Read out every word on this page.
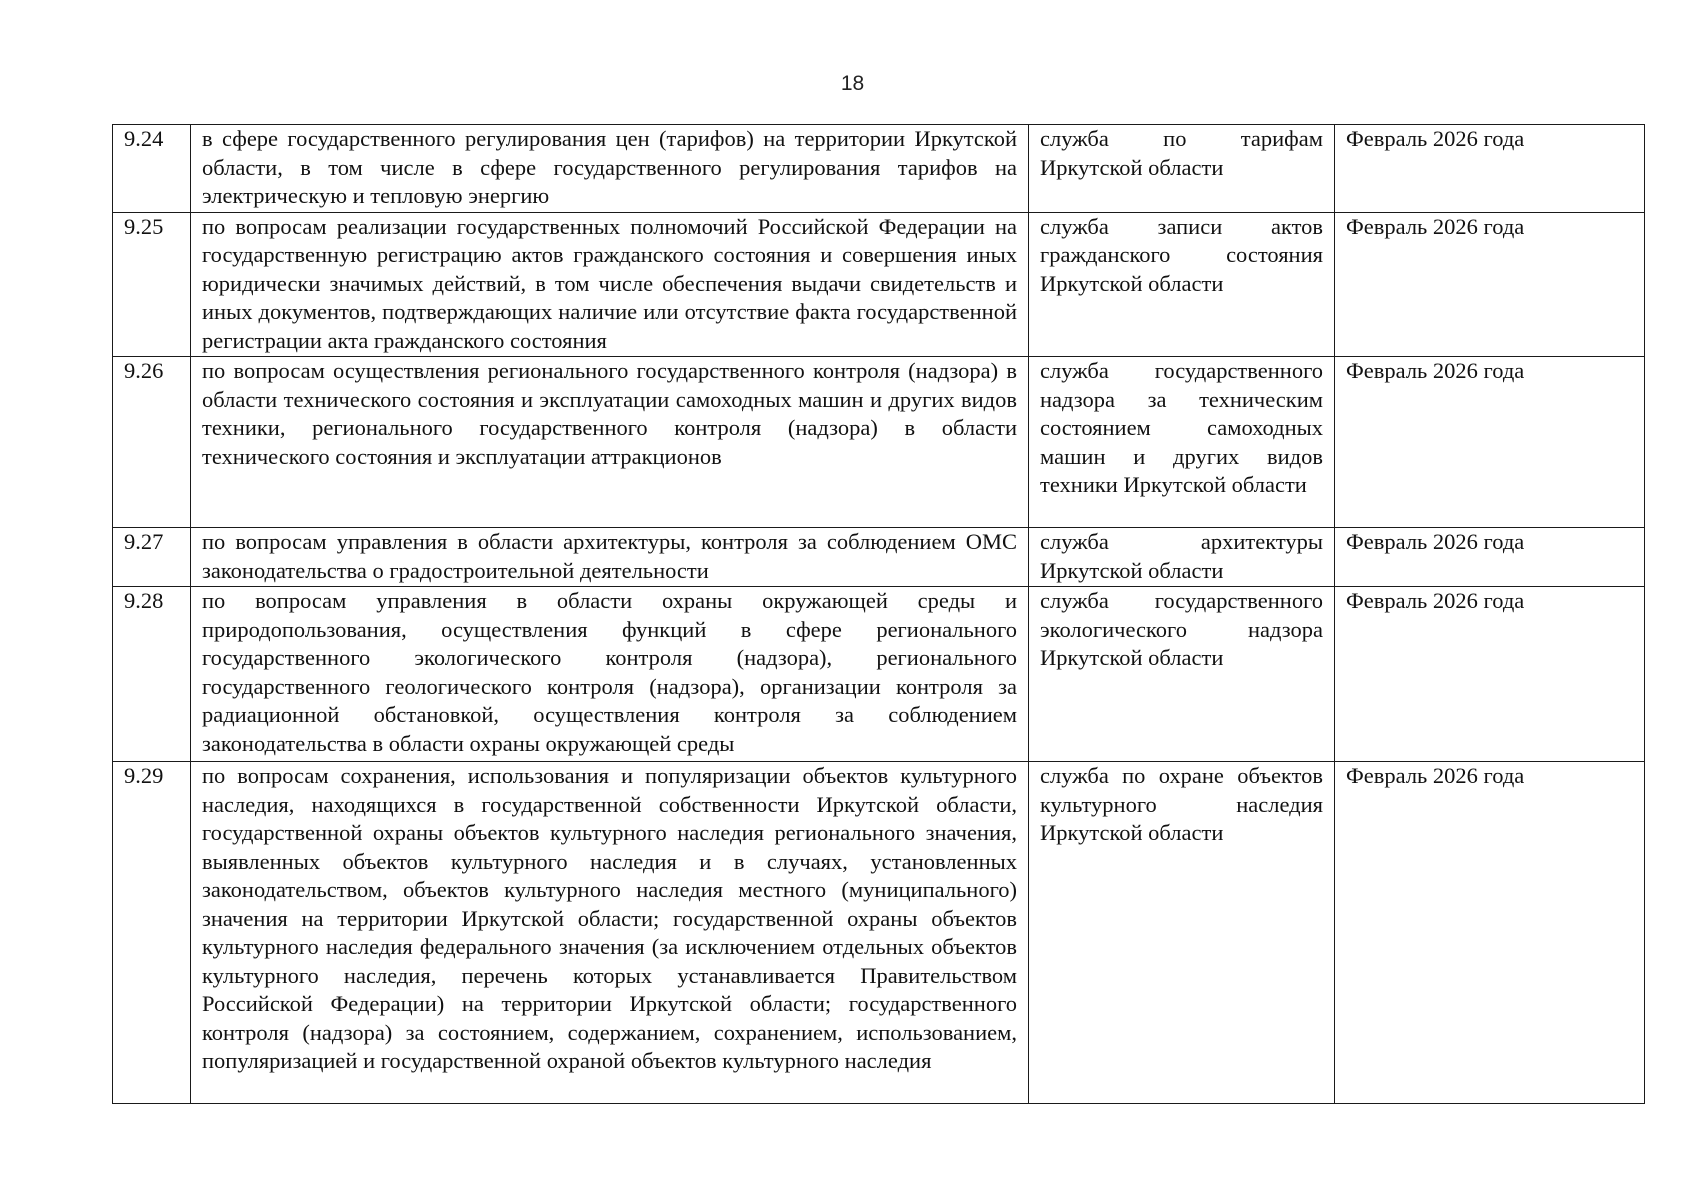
18
9.24	в сфере государственного регулирования цен (тарифов) на территории Иркутской области, в том числе в сфере государственного регулирования тарифов на электрическую и тепловую энергию	служба по тарифам Иркутской области	Февраль 2026 года
9.25	по вопросам реализации государственных полномочий Российской Федерации на государственную регистрацию актов гражданского состояния и совершения иных юридически значимых действий, в том числе обеспечения выдачи свидетельств и иных документов, подтверждающих наличие или отсутствие факта государственной регистрации акта гражданского состояния	служба записи актов гражданского состояния Иркутской области	Февраль 2026 года
9.26	по вопросам осуществления регионального государственного контроля (надзора) в области технического состояния и эксплуатации самоходных машин и других видов техники, регионального государственного контроля (надзора) в области технического состояния и эксплуатации аттракционов	служба государственного надзора за техническим состоянием самоходных машин и других видов техники Иркутской области	Февраль 2026 года
9.27	по вопросам управления в области архитектуры, контроля за соблюдением ОМС законодательства о градостроительной деятельности	служба архитектуры Иркутской области	Февраль 2026 года
9.28	по вопросам управления в области охраны окружающей среды и природопользования, осуществления функций в сфере регионального государственного экологического контроля (надзора), регионального государственного геологического контроля (надзора), организации контроля за радиационной обстановкой, осуществления контроля за соблюдением законодательства в области охраны окружающей среды	служба государственного экологического надзора Иркутской области	Февраль 2026 года
9.29	по вопросам сохранения, использования и популяризации объектов культурного наследия, находящихся в государственной собственности Иркутской области, государственной охраны объектов культурного наследия регионального значения, выявленных объектов культурного наследия и в случаях, установленных законодательством, объектов культурного наследия местного (муниципального) значения на территории Иркутской области; государственной охраны объектов культурного наследия федерального значения (за исключением отдельных объектов культурного наследия, перечень которых устанавливается Правительством Российской Федерации) на территории Иркутской области; государственного контроля (надзора) за состоянием, содержанием, сохранением, использованием, популяризацией и государственной охраной объектов культурного наследия	служба по охране объектов культурного наследия Иркутской области	Февраль 2026 года
